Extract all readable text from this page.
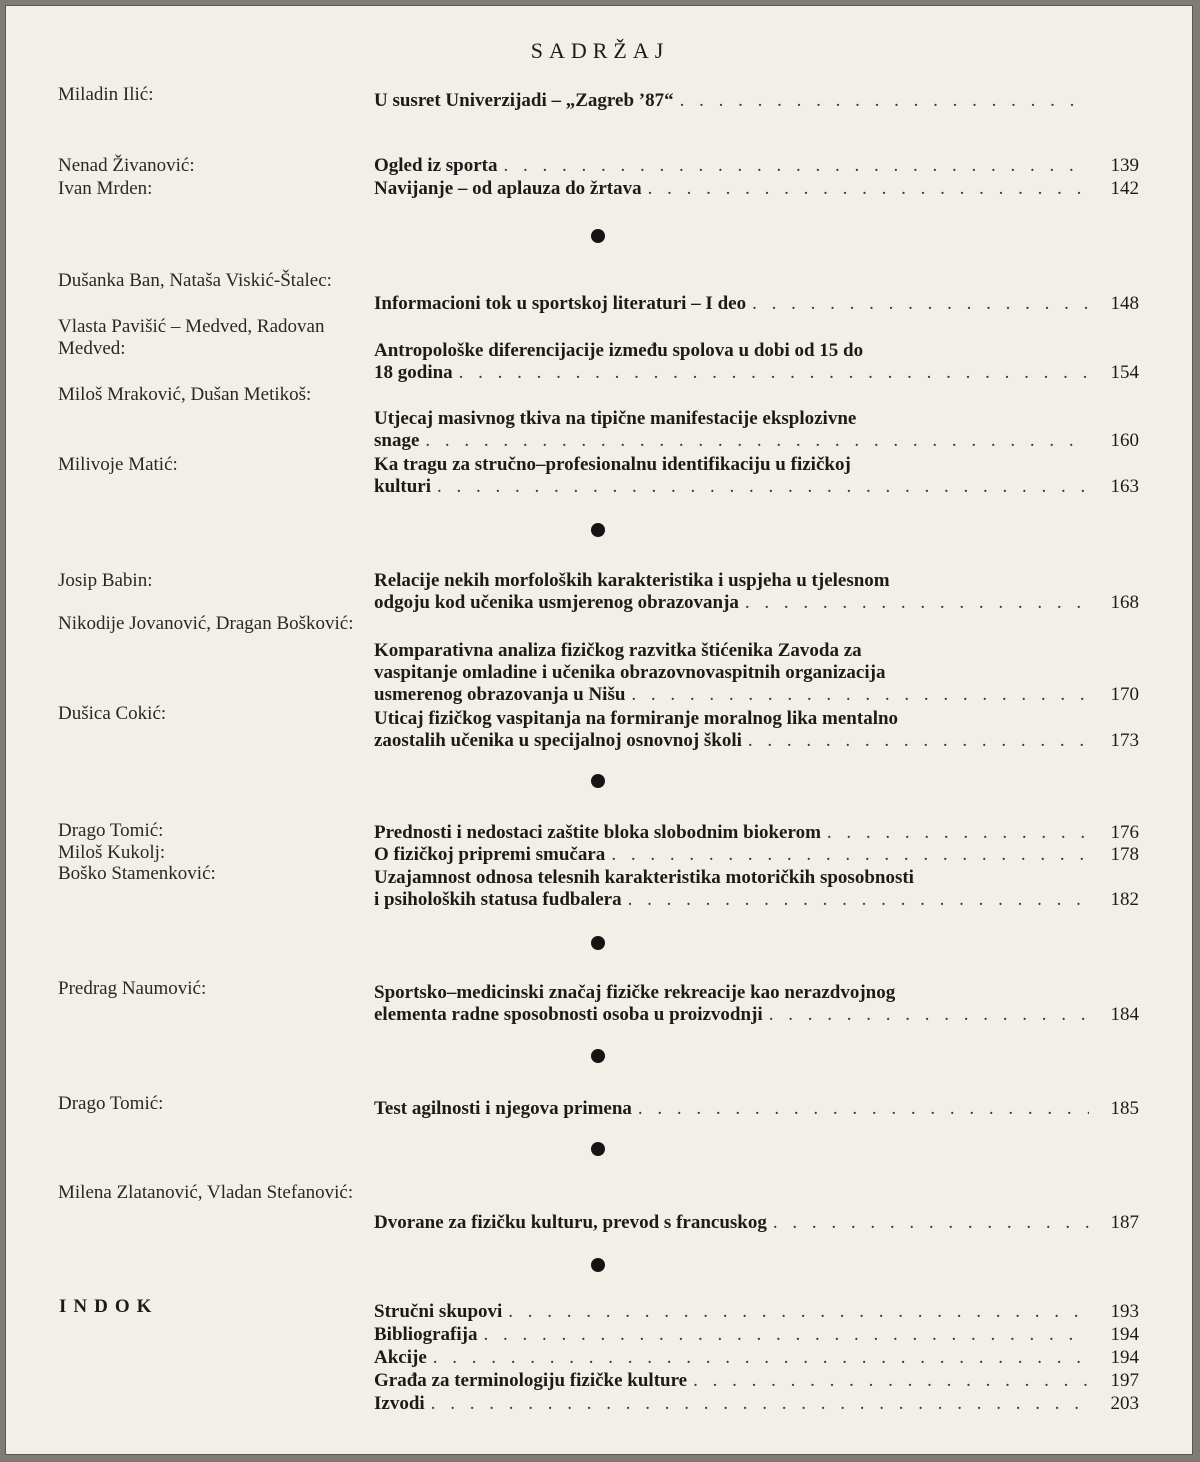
SADRŽAJ
Miladin Ilić:	U susret Univerzijadi – „Zagreb ’87“
. . .
Nenad Živanović:	Ogled iz sporta . . .	139
Ivan Mrden:	Navijanje – od aplauza do žrtava . . .	142
Dušanka Ban, Nataša Viskić-Štalec:
Informacioni tok u sportskoj literaturi – I deo . . .	148
Vlasta Pavišić – Medved, Radovan Medved:	Antropološke diferencijacije između spolova u dobi od 15 do
18 godina . . .	154
Miloš Mraković, Dušan Metikoš:
Utjecaj masivnog tkiva na tipične manifestacije eksplozivne
snage . . .	160
Milivoje Matić:	Ka tragu za stručno–profesionalnu identifikaciju u fizičkoj
kulturi . . .	163
Josip Babin:	Relacije nekih morfoloških karakteristika i uspjeha u tjelesnom
odgoju kod učenika usmjerenog obrazovanja . . .	168
Nikodije Jovanović, Dragan Bošković:
Komparativna analiza fizičkog razvitka štićenika Zavoda za
vaspitanje omladine i učenika obrazovnovaspitnih organizacija
usmerenog obrazovanja u Nišu . . .	170
Dušica Cokić:	Uticaj fizičkog vaspitanja na formiranje moralnog lika mentalno
zaostalih učenika u specijalnoj osnovnoj školi . . .	173
Drago Tomić:	Prednosti i nedostaci zaštite bloka slobodnim biokerom . . .	176
Miloš Kukolj:	O fizičkoj pripremi smučara . . .	178
Boško Stamenković:	Uzajamnost odnosa telesnih karakteristika motoričkih sposobnosti
i psiholoških statusa fudbalera . . .	182
Predrag Naumović:	Sportsko–medicinski značaj fizičke rekreacije kao nerazdvojnog
elementa radne sposobnosti osoba u proizvodnji . . .	184
Drago Tomić:	Test agilnosti i njegova primena . . .	185
Milena Zlatanović, Vladan Stefanović:
Dvorane za fizičku kulturu, prevod s francuskog . . .	187
INDOK	Stručni skupovi . . .	193
Bibliografija . . .	194
Akcije . . .	194
Građa za terminologiju fizičke kulture . . .	197
Izvodi . . .	203
